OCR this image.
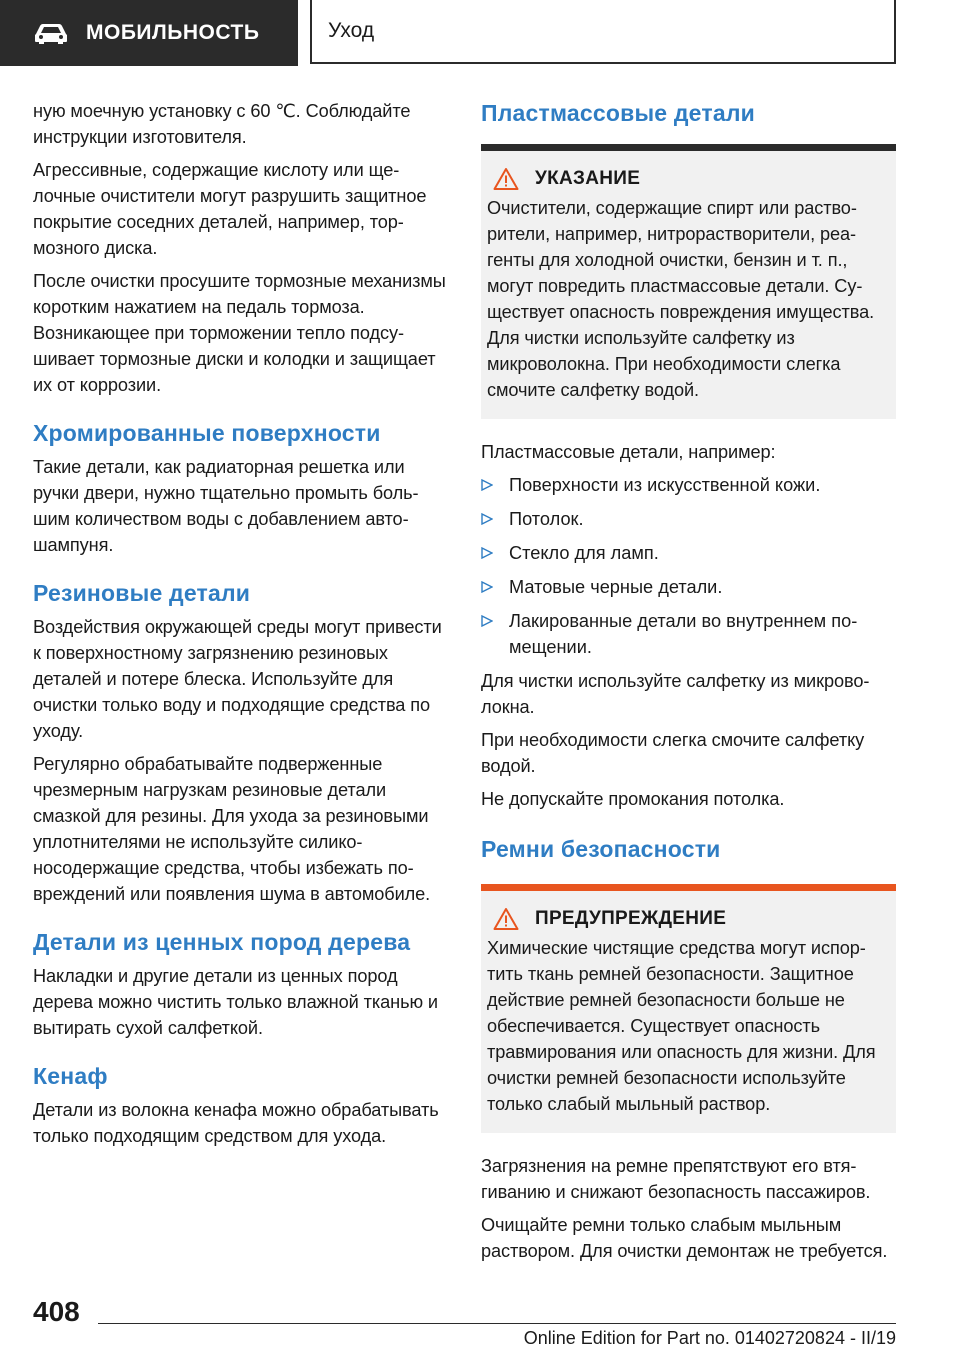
МОБИЛЬНОСТЬ	Уход

ную моечную установку с 60 ℃. Соблюдайте инструкции изготовителя.

Агрессивные, содержащие кислоту или щелочные очистители могут разрушить защитное покрытие соседних деталей, например, тормозного диска.

После очистки просушите тормозные механизмы коротким нажатием на педаль тормоза. Возникающее при торможении тепло подсушивает тормозные диски и колодки и защищает их от коррозии.

Хромированные поверхности

Такие детали, как радиаторная решетка или ручки двери, нужно тщательно промыть большим количеством воды с добавлением автошампуня.

Резиновые детали

Воздействия окружающей среды могут привести к поверхностному загрязнению резиновых деталей и потере блеска. Используйте для очистки только воду и подходящие средства по уходу.

Регулярно обрабатывайте подверженные чрезмерным нагрузкам резиновые детали смазкой для резины. Для ухода за резиновыми уплотнителями не используйте силиконосодержащие средства, чтобы избежать повреждений или появления шума в автомобиле.

Детали из ценных пород дерева

Накладки и другие детали из ценных пород дерева можно чистить только влажной тканью и вытирать сухой салфеткой.

Кенаф

Детали из волокна кенафа можно обрабатывать только подходящим средством для ухода.

Пластмассовые детали
УКАЗАНИЕ

Очистители, содержащие спирт или растворители, например, нитрорастворители, реагенты для холодной очистки, бензин и т. п., могут повредить пластмассовые детали. Существует опасность повреждения имущества. Для чистки используйте салфетку из микроволокна. При необходимости слегка смочите салфетку водой.

Пластмассовые детали, например:

Поверхности из искусственной кожи.
Потолок.
Стекло для ламп.
Матовые черные детали.
Лакированные детали во внутреннем помещении.

Для чистки используйте салфетку из микроволокна.

При необходимости слегка смочите салфетку водой.

Не допускайте промокания потолка.

Ремни безопасности
ПРЕДУПРЕЖДЕНИЕ

Химические чистящие средства могут испортить ткань ремней безопасности. Защитное действие ремней безопасности больше не обеспечивается. Существует опасность травмирования или опасность для жизни. Для очистки ремней безопасности используйте только слабый мыльный раствор.

Загрязнения на ремне препятствуют его втягиванию и снижают безопасность пассажиров.

Очищайте ремни только слабым мыльным раствором. Для очистки демонтаж не требуется.

408
Online Edition for Part no. 01402720824 - II/19
